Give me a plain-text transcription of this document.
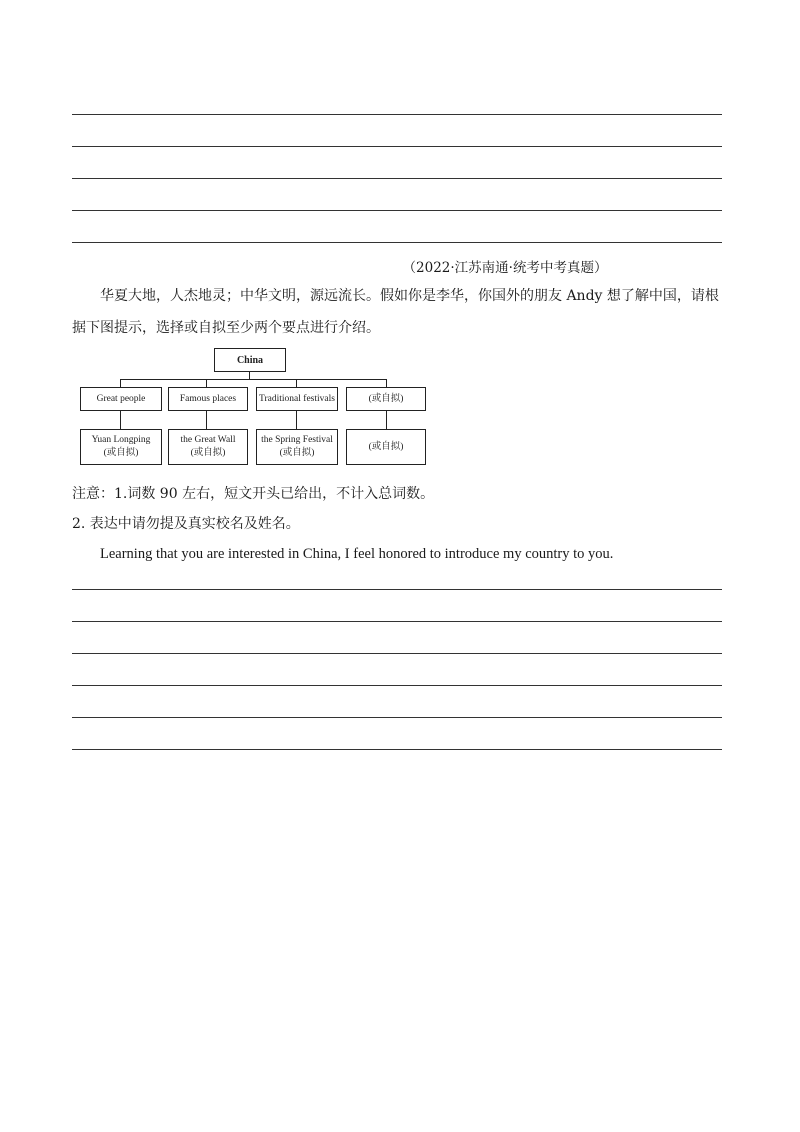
（2022·江苏南通·统考中考真题）
华夏大地，人杰地灵；中华文明，源远流长。假如你是李华，你国外的朋友 Andy 想了解中国，请根
据下图提示，选择或自拟至少两个要点进行介绍。
China
Great people	Famous places	Traditional festivals	(或自拟)
Yuan Longping
(或自拟)
the Great Wall
(或自拟)
the Spring Festival
(或自拟)
(或自拟)
注意：1.词数 90 左右，短文开头已给出，不计入总词数。
2. 表达中请勿提及真实校名及姓名。
Learning that you are interested in China, I feel honored to introduce my country to you.
